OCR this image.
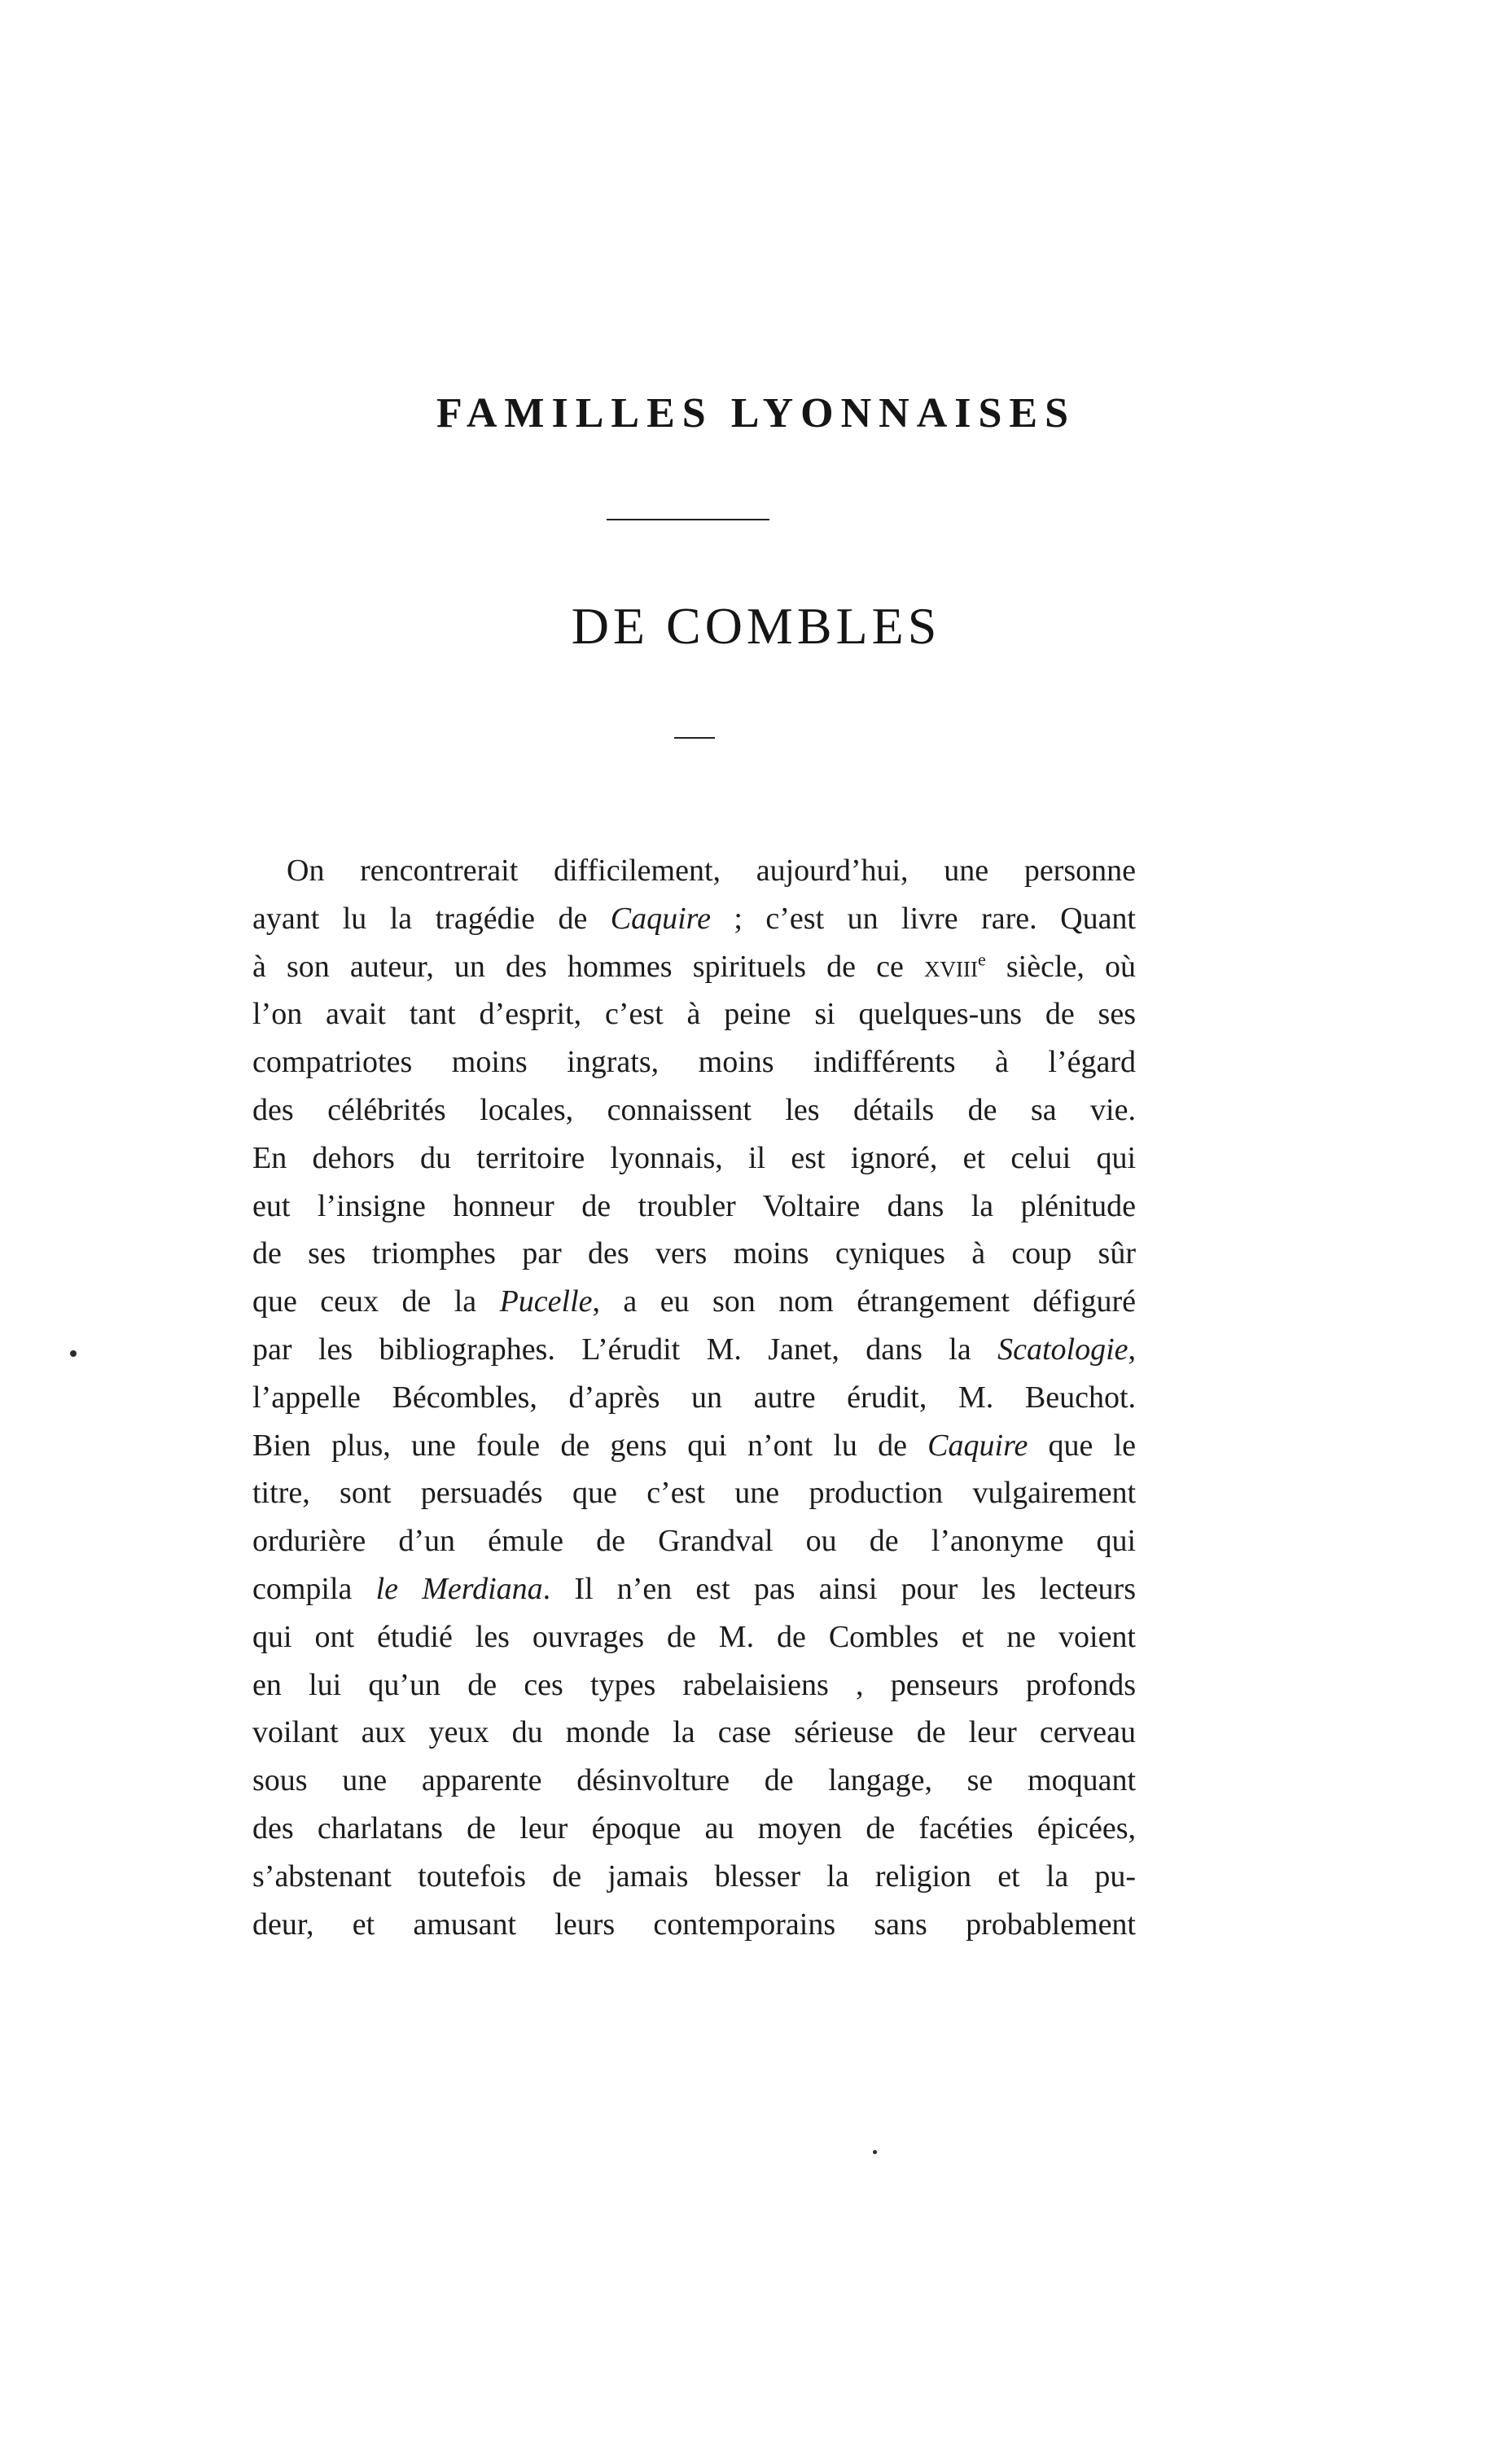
FAMILLES LYONNAISES
DE COMBLES
On rencontrerait difficilement, aujourd’hui, une personne
ayant lu la tragédie de Caquire ; c’est un livre rare. Quant
à son auteur, un des hommes spirituels de ce xviii$^e$ siècle, où
l’on avait tant d’esprit, c’est à peine si quelques-uns de ses
compatriotes moins ingrats, moins indifférents à l’égard
des célébrités locales, connaissent les détails de sa vie.
En dehors du territoire lyonnais, il est ignoré, et celui qui
eut l’insigne honneur de troubler Voltaire dans la plénitude
de ses triomphes par des vers moins cyniques à coup sûr
que ceux de la Pucelle, a eu son nom étrangement défiguré
par les bibliographes. L’érudit M. Janet, dans la Scatologie,
l’appelle Bécombles, d’après un autre érudit, M. Beuchot.
Bien plus, une foule de gens qui n’ont lu de Caquire que le
titre, sont persuadés que c’est une production vulgairement
ordurière d’un émule de Grandval ou de l’anonyme qui
compila le Merdiana. Il n’en est pas ainsi pour les lecteurs
qui ont étudié les ouvrages de M. de Combles et ne voient
en lui qu’un de ces types rabelaisiens , penseurs profonds
voilant aux yeux du monde la case sérieuse de leur cerveau
sous une apparente désinvolture de langage, se moquant
des charlatans de leur époque au moyen de facéties épicées,
s’abstenant toutefois de jamais blesser la religion et la pu-
deur, et amusant leurs contemporains sans probablement
